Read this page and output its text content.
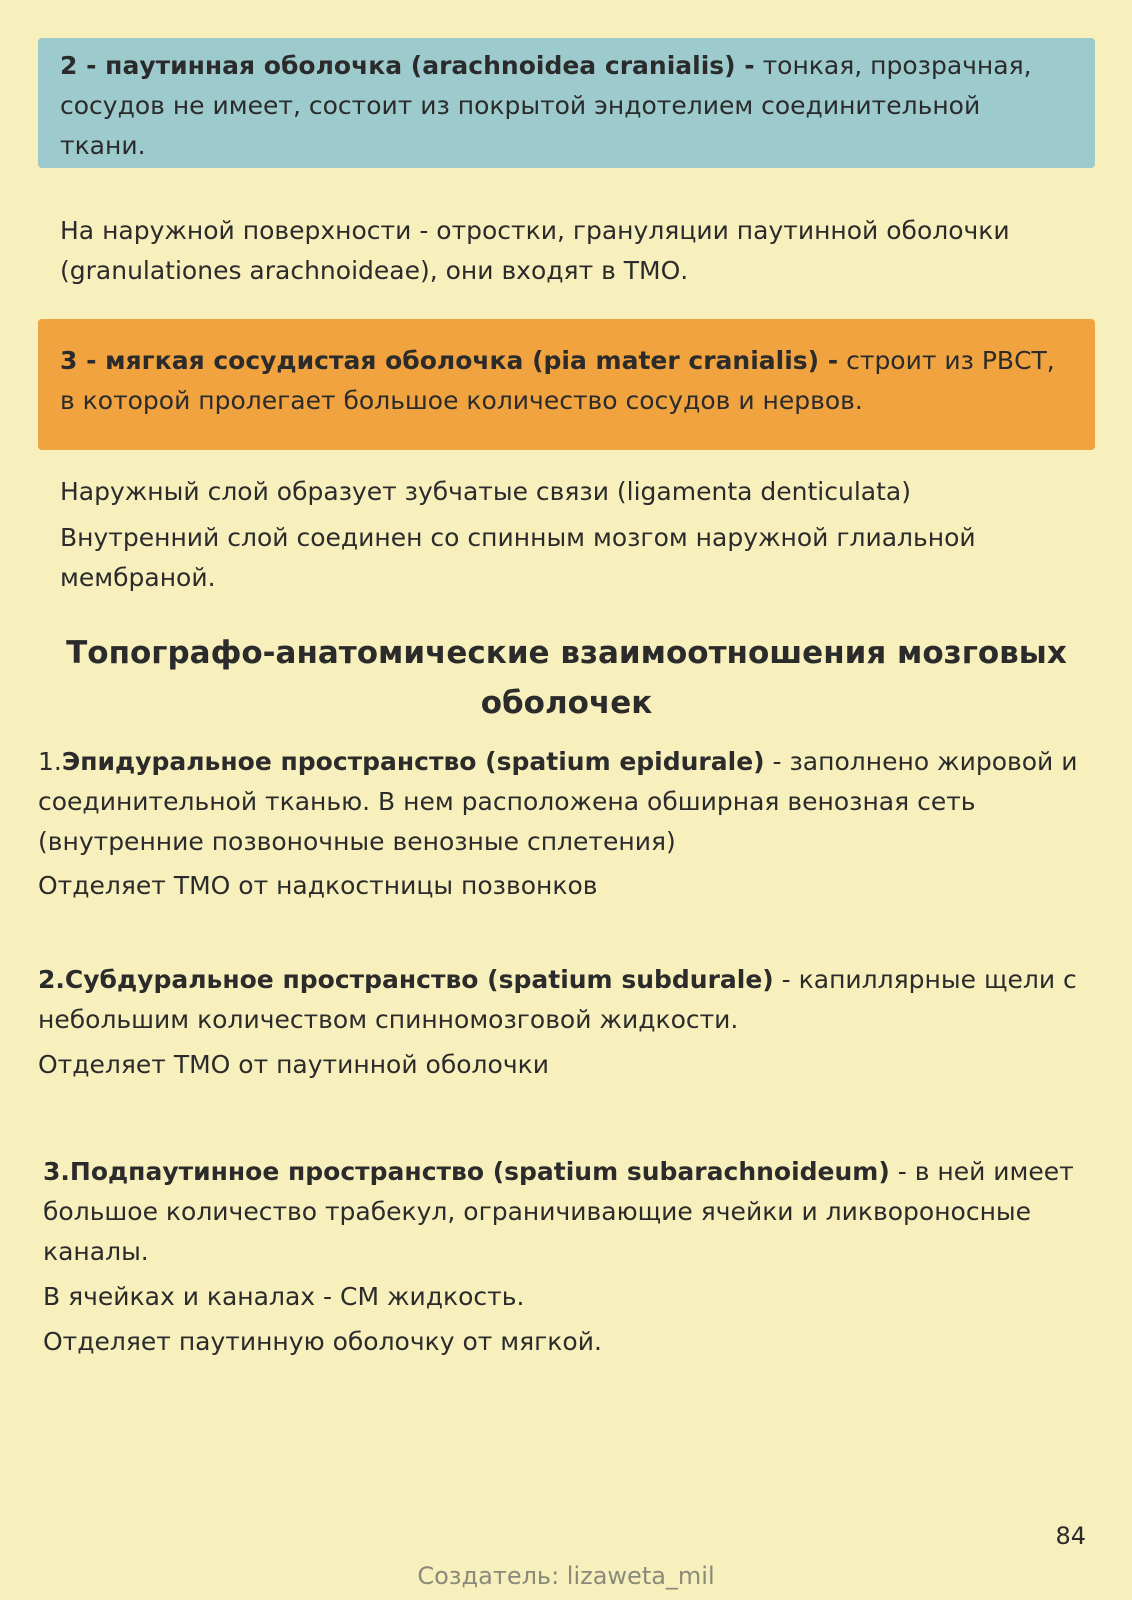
2 - паутинная оболочка (arachnoidea cranialis) - тонкая, прозрачная, сосудов не имеет, состоит из покрытой эндотелием соединительной ткани.
На наружной поверхности - отростки, грануляции паутинной оболочки (granulationes arachnoideae), они входят в ТМО.
3 - мягкая сосудистая оболочка (pia mater cranialis) - строит из РВСТ, в которой пролегает большое количество сосудов и нервов.
Наружный слой образует зубчатые связи (ligamenta denticulata)
Внутренний слой соединен со спинным мозгом наружной глиальной мембраной.
Топографо-анатомические взаимоотношения мозговых оболочек
1.Эпидуральное пространство (spatium epidurale) - заполнено жировой и соединительной тканью. В нем расположена обширная венозная сеть (внутренние позвоночные венозные сплетения)
Отделяет ТМО от надкостницы позвонков
2.Субдуральное пространство (spatium subdurale) - капиллярные щели с небольшим количеством спинномозговой жидкости.
Отделяет ТМО от паутинной оболочки
3.Подпаутинное пространство (spatium subarachnoideum) - в ней имеет большое количество трабекул, ограничивающие ячейки и ликвороносные каналы.
В ячейках и каналах - СМ жидкость.
Отделяет паутинную оболочку от мягкой.
84
Создатель: lizaweta_mil
